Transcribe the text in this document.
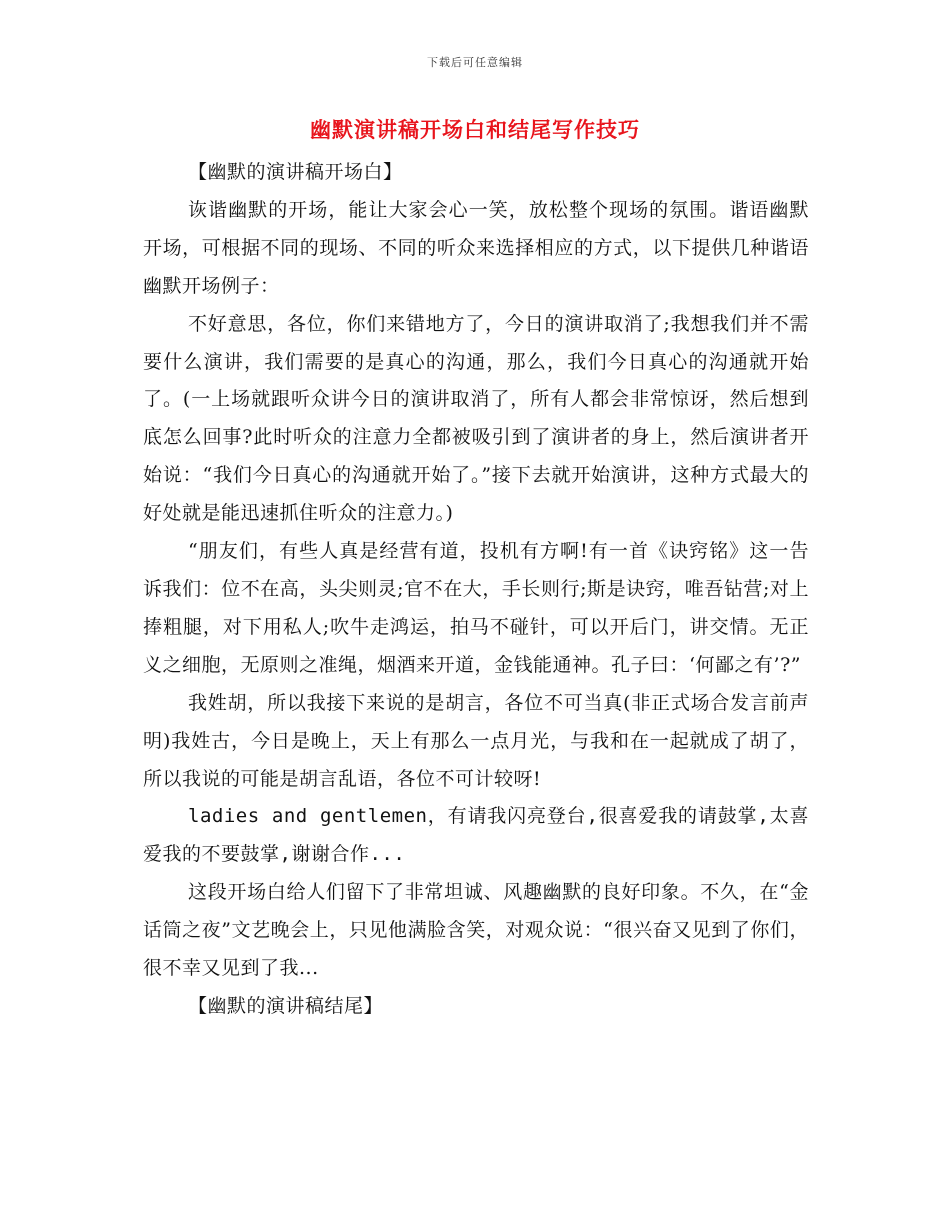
下载后可任意编辑
幽默演讲稿开场白和结尾写作技巧

【幽默的演讲稿开场白】

诙谐幽默的开场，能让大家会心一笑，放松整个现场的氛围。谐语幽默开场，可根据不同的现场、不同的听众来选择相应的方式，以下提供几种谐语幽默开场例子：

不好意思，各位，你们来错地方了，今日的演讲取消了;我想我们并不需要什么演讲，我们需要的是真心的沟通，那么，我们今日真心的沟通就开始了。(一上场就跟听众讲今日的演讲取消了，所有人都会非常惊讶，然后想到底怎么回事?此时听众的注意力全都被吸引到了演讲者的身上，然后演讲者开始说：“我们今日真心的沟通就开始了。”接下去就开始演讲，这种方式最大的好处就是能迅速抓住听众的注意力。)

“朋友们，有些人真是经营有道，投机有方啊!有一首《诀窍铭》这一告诉我们：位不在高，头尖则灵;官不在大，手长则行;斯是诀窍，唯吾钻营;对上捧粗腿，对下用私人;吹牛走鸿运，拍马不碰针，可以开后门，讲交情。无正义之细胞，无原则之准绳，烟酒来开道，金钱能通神。孔子曰：‘何鄙之有’?”

我姓胡，所以我接下来说的是胡言，各位不可当真(非正式场合发言前声明)我姓古，今日是晚上，天上有那么一点月光，与我和在一起就成了胡了，所以我说的可能是胡言乱语，各位不可计较呀!

ladies and gentlemen，有请我闪亮登台,很喜爱我的请鼓掌,太喜爱我的不要鼓掌,谢谢合作...

这段开场白给人们留下了非常坦诚、风趣幽默的良好印象。不久，在“金话筒之夜”文艺晚会上，只见他满脸含笑，对观众说：“很兴奋又见到了你们，很不幸又见到了我...

【幽默的演讲稿结尾】
